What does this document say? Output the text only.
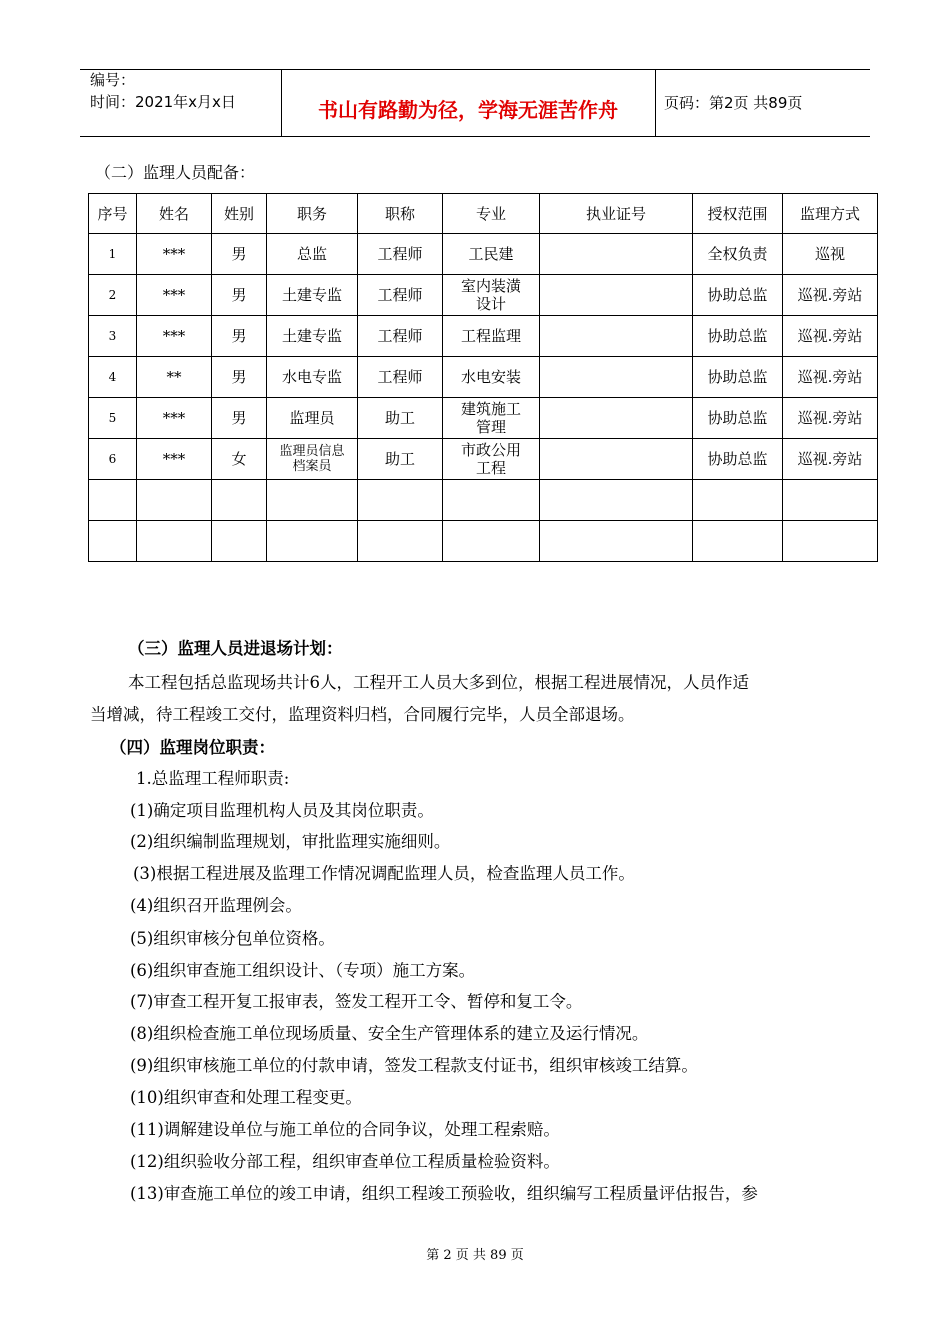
编号：
时间：2021年x月x日	书山有路勤为径，学海无涯苦作舟	页码：第2页 共89页
（二）监理人员配备：
序号	姓名	姓别	职务	职称	专业	执业证号	授权范围	监理方式
1	***	男	总监	工程师	工民建		全权负责	巡视
2	***	男	土建专监	工程师	室内装潢设计		协助总监	巡视.旁站
3	***	男	土建专监	工程师	工程监理		协助总监	巡视.旁站
4	**	男	水电专监	工程师	水电安装		协助总监	巡视.旁站
5	***	男	监理员	助工	建筑施工管理		协助总监	巡视.旁站
6	***	女	监理员信息档案员	助工	市政公用工程		协助总监	巡视.旁站

（三）监理人员进退场计划：
本工程包括总监现场共计6人，工程开工人员大多到位，根据工程进展情况，人员作适
当增减，待工程竣工交付，监理资料归档，合同履行完毕，人员全部退场。
（四）监理岗位职责：
1.总监理工程师职责:
(1)确定项目监理机构人员及其岗位职责。
(2)组织编制监理规划，审批监理实施细则。
(3)根据工程进展及监理工作情况调配监理人员，检查监理人员工作。
(4)组织召开监理例会。
(5)组织审核分包单位资格。
(6)组织审查施工组织设计、（专项）施工方案。
(7)审查工程开复工报审表，签发工程开工令、暂停和复工令。
(8)组织检查施工单位现场质量、安全生产管理体系的建立及运行情况。
(9)组织审核施工单位的付款申请，签发工程款支付证书，组织审核竣工结算。
(10)组织审查和处理工程变更。
(11)调解建设单位与施工单位的合同争议，处理工程索赔。
(12)组织验收分部工程，组织审查单位工程质量检验资料。
(13)审查施工单位的竣工申请，组织工程竣工预验收，组织编写工程质量评估报告，参
第 2 页 共 89 页
